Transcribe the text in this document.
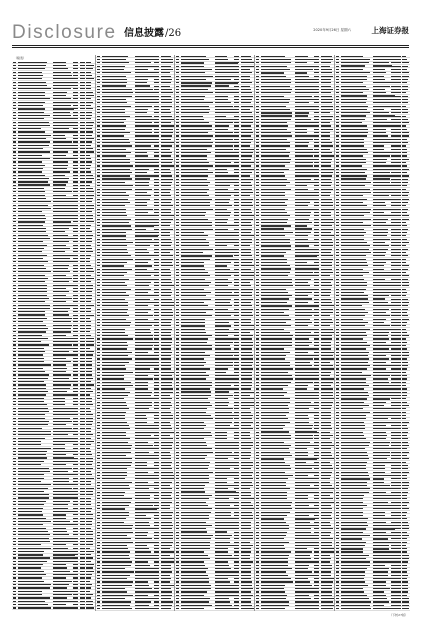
Disclosure 信息披露/26	2020年9月26日 星期六	上海证券报
（续表）
（下转27版）
